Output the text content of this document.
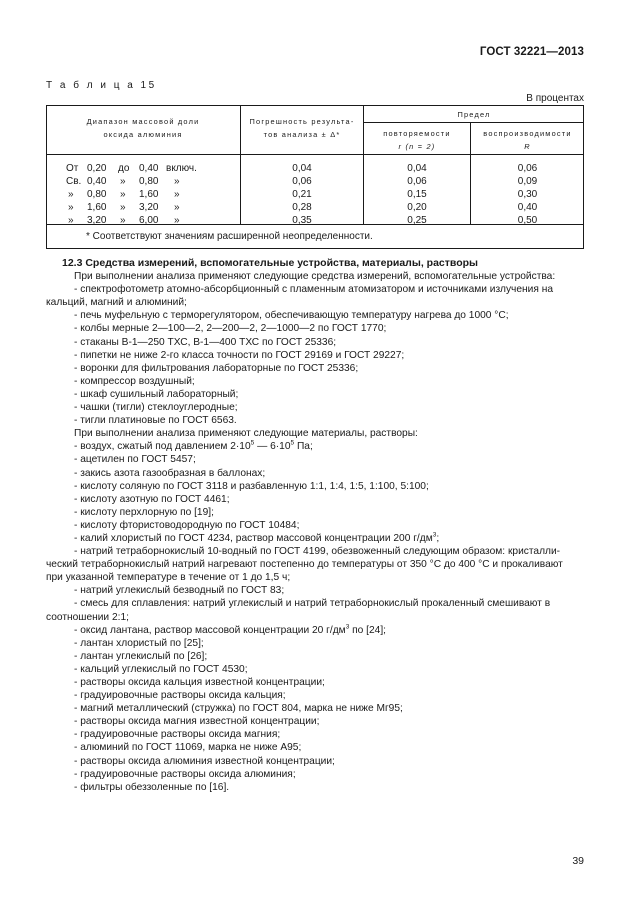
ГОСТ 32221—2013
Т а б л и ц а 15
В процентах
Диапазон массовой доли
оксида алюминия
Погрешность результа-
тов анализа ± Δ*
Предел
повторяемости
r (n = 2)
воспроизводимости
R
От 0,20 до 0,40 включ.
Св. 0,40 » 0,80 »
» 0,80 » 1,60 »
» 1,60 » 3,20 »
» 3,20 » 6,00 »
0,04
0,06
0,21
0,28
0,35
0,04
0,06
0,15
0,20
0,25
0,06
0,09
0,30
0,40
0,50
* Соответствуют значениям расширенной неопределенности.

12.3 Средства измерений, вспомогательные устройства, материалы, растворы

При выполнении анализа применяют следующие средства измерений, вспомогательные устройства:

- спектрофотометр атомно-абсорбционный с пламенным атомизатором и источниками излучения на

кальций, магний и алюминий;

- печь муфельную с терморегулятором, обеспечивающую температуру нагрева до 1000 °С;

- колбы мерные 2—100—2, 2—200—2, 2—1000—2 по ГОСТ 1770;

- стаканы В-1—250 ТХС, В-1—400 ТХС по ГОСТ 25336;

- пипетки не ниже 2-го класса точности по ГОСТ 29169 и ГОСТ 29227;

- воронки для фильтрования лабораторные по ГОСТ 25336;

- компрессор воздушный;

- шкаф сушильный лабораторный;

- чашки (тигли) стеклоуглеродные;

- тигли платиновые по ГОСТ 6563.

При выполнении анализа применяют следующие материалы, растворы:

- воздух, сжатый под давлением $2\cdot 10^5$ — $6\cdot 10^5$ Па;

- ацетилен по ГОСТ 5457;

- закись азота газообразная в баллонах;

- кислоту соляную по ГОСТ 3118 и разбавленную 1:1, 1:4, 1:5, 1:100, 5:100;

- кислоту азотную по ГОСТ 4461;

- кислоту перхлорную по [19];

- кислоту фтористоводородную по ГОСТ 10484;

- калий хлористый по ГОСТ 4234, раствор массовой концентрации 200 $г/дм^3$;

- натрий тетраборнокислый 10-водный по ГОСТ 4199, обезвоженный следующим образом: кристалли-

ческий тетраборнокислый натрий нагревают постепенно до температуры от 350 °С до 400 °С и прокаливают

при указанной температуре в течение от 1 до 1,5 ч;

- натрий углекислый безводный по ГОСТ 83;

- смесь для сплавления: натрий углекислый и натрий тетраборнокислый прокаленный смешивают в

соотношении 2:1;

- оксид лантана, раствор массовой концентрации 20 $г/дм^3$ по [24];

- лантан хлористый по [25];

- лантан углекислый по [26];

- кальций углекислый по ГОСТ 4530;

- растворы оксида кальция известной концентрации;

- градуировочные растворы оксида кальция;

- магний металлический (стружка) по ГОСТ 804, марка не ниже Мг95;

- растворы оксида магния известной концентрации;

- градуировочные растворы оксида магния;

- алюминий по ГОСТ 11069, марка не ниже А95;

- растворы оксида алюминия известной концентрации;

- градуировочные растворы оксида алюминия;

- фильтры обеззоленные по [16].

39
